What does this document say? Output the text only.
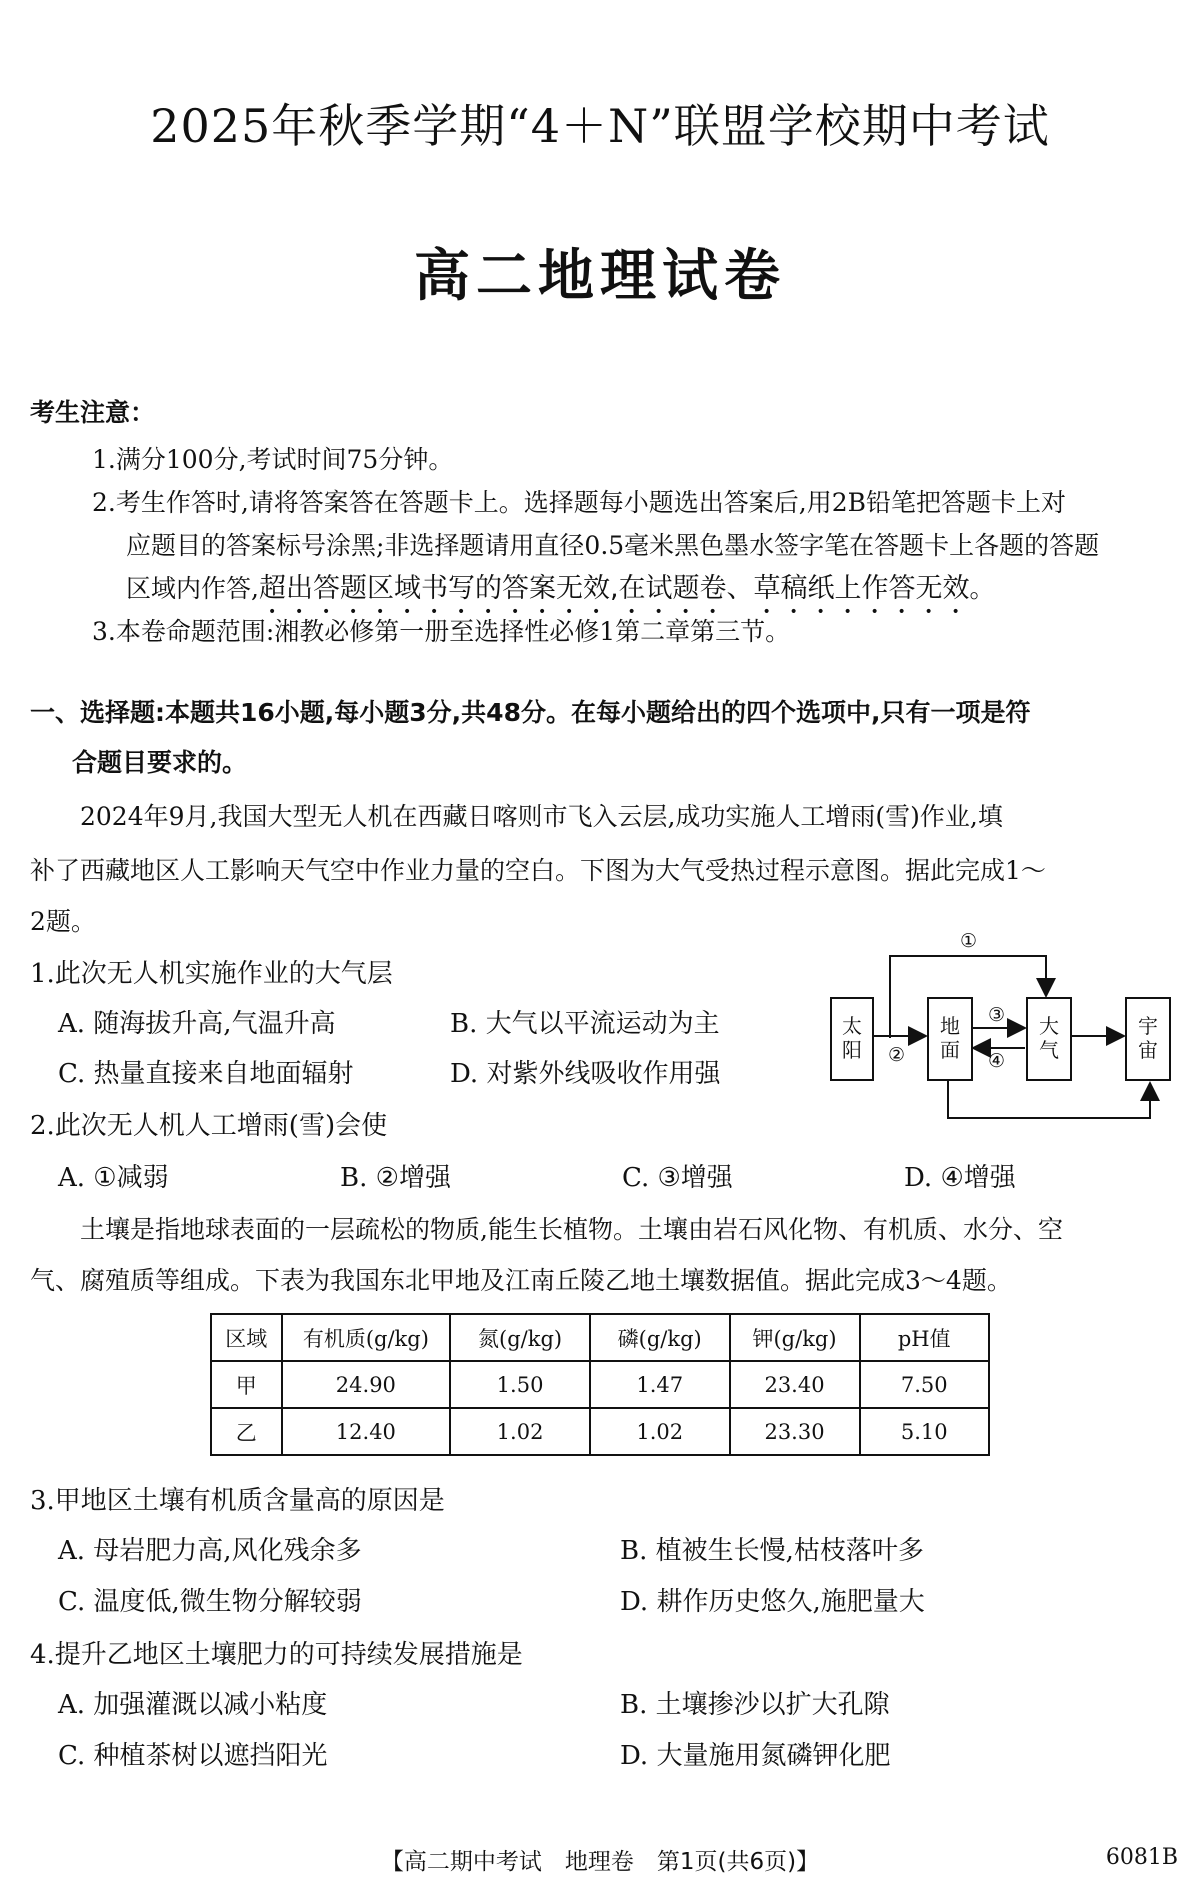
2025年秋季学期“4＋N”联盟学校期中考试
高二地理试卷
考生注意：
1.满分100分,考试时间75分钟。
2.考生作答时,请将答案答在答题卡上。选择题每小题选出答案后,用2B铅笔把答题卡上对
应题目的答案标号涂黑;非选择题请用直径0.5毫米黑色墨水签字笔在答题卡上各题的答题
区域内作答,超出答题区域书写的答案无效,在试题卷、草稿纸上作答无效。
3.本卷命题范围:湘教必修第一册至选择性必修1第二章第三节。
一、选择题:本题共16小题,每小题3分,共48分。在每小题给出的四个选项中,只有一项是符
合题目要求的。
2024年9月,我国大型无人机在西藏日喀则市飞入云层,成功实施人工增雨(雪)作业,填
补了西藏地区人工影响天气空中作业力量的空白。下图为大气受热过程示意图。据此完成1～
2题。
太
阳
地
面
大
气
宇
宙
①
②
③
④
1.此次无人机实施作业的大气层
A. 随海拔升高,气温升高	B. 大气以平流运动为主
C. 热量直接来自地面辐射	D. 对紫外线吸收作用强
2.此次无人机人工增雨(雪)会使
A. ①减弱	B. ②增强	C. ③增强	D. ④增强
土壤是指地球表面的一层疏松的物质,能生长植物。土壤由岩石风化物、有机质、水分、空
气、腐殖质等组成。下表为我国东北甲地及江南丘陵乙地土壤数据值。据此完成3～4题。
区域	有机质(g/kg)	氮(g/kg)	磷(g/kg)	钾(g/kg)	pH值
甲	24.90	1.50	1.47	23.40	7.50
乙	12.40	1.02	1.02	23.30	5.10
3.甲地区土壤有机质含量高的原因是
A. 母岩肥力高,风化残余多	B. 植被生长慢,枯枝落叶多
C. 温度低,微生物分解较弱	D. 耕作历史悠久,施肥量大
4.提升乙地区土壤肥力的可持续发展措施是
A. 加强灌溉以减小粘度	B. 土壤掺沙以扩大孔隙
C. 种植茶树以遮挡阳光	D. 大量施用氮磷钾化肥
【高二期中考试　地理卷　第1页(共6页)】	6081B
